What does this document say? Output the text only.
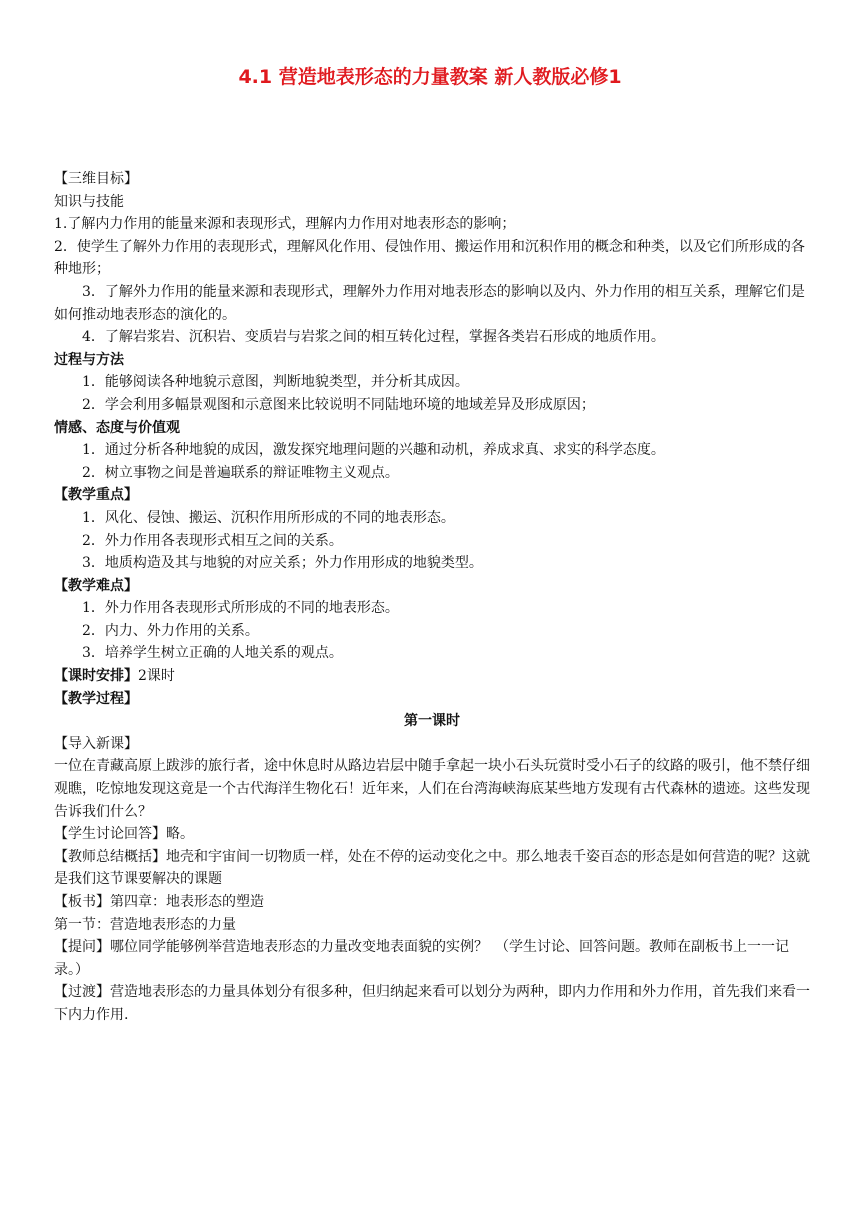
4.1 营造地表形态的力量教案 新人教版必修1

【三维目标】

知识与技能

1.了解内力作用的能量来源和表现形式，理解内力作用对地表形态的影响；

2．使学生了解外力作用的表现形式，理解风化作用、侵蚀作用、搬运作用和沉积作用的概念和种类，以及它们所形成的各种地形；

3．了解外力作用的能量来源和表现形式，理解外力作用对地表形态的影响以及内、外力作用的相互关系，理解它们是如何推动地表形态的演化的。

4．了解岩浆岩、沉积岩、变质岩与岩浆之间的相互转化过程，掌握各类岩石形成的地质作用。

过程与方法

1．能够阅读各种地貌示意图，判断地貌类型，并分析其成因。

2．学会利用多幅景观图和示意图来比较说明不同陆地环境的地域差异及形成原因；

情感、态度与价值观

1．通过分析各种地貌的成因，激发探究地理问题的兴趣和动机，养成求真、求实的科学态度。

2．树立事物之间是普遍联系的辩证唯物主义观点。

【教学重点】

1．风化、侵蚀、搬运、沉积作用所形成的不同的地表形态。

2．外力作用各表现形式相互之间的关系。

3．地质构造及其与地貌的对应关系；外力作用形成的地貌类型。

【教学难点】

1．外力作用各表现形式所形成的不同的地表形态。

2．内力、外力作用的关系。

3．培养学生树立正确的人地关系的观点。

【课时安排】2课时

【教学过程】

第一课时

【导入新课】

一位在青藏高原上跋涉的旅行者，途中休息时从路边岩层中随手拿起一块小石头玩赏时受小石子的纹路的吸引，他不禁仔细观瞧，吃惊地发现这竟是一个古代海洋生物化石！近年来，人们在台湾海峡海底某些地方发现有古代森林的遗迹。这些发现告诉我们什么？

【学生讨论回答】略。

【教师总结概括】地壳和宇宙间一切物质一样，处在不停的运动变化之中。那么地表千姿百态的形态是如何营造的呢？这就是我们这节课要解决的课题

【板书】第四章：地表形态的塑造

第一节：营造地表形态的力量

【提问】哪位同学能够例举营造地表形态的力量改变地表面貌的实例？　（学生讨论、回答问题。教师在副板书上一一记录。）

【过渡】营造地表形态的力量具体划分有很多种，但归纳起来看可以划分为两种，即内力作用和外力作用，首先我们来看一下内力作用.
